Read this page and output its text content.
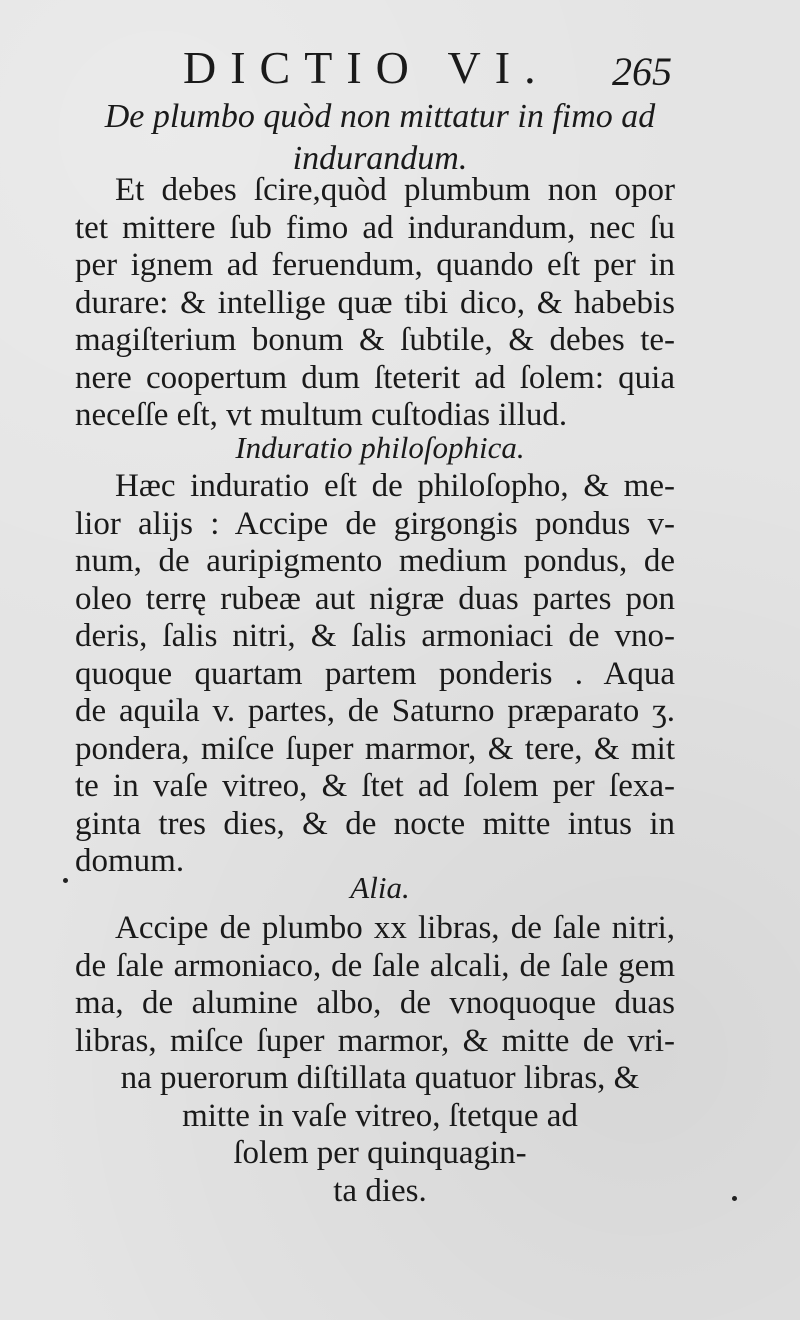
DICTIO VI. 265
De plumbo quòd non mittatur in fimo ad
indurandum.
Et debes ſcire,quòd plumbum non opor
tet mittere ſub fimo ad indurandum, nec ſu
per ignem ad feruendum, quando eſt per in
durare: & intellige quæ tibi dico, & habebis
magiſterium bonum & ſubtile, & debes te-
nere coopertum dum ſteterit ad ſolem: quia
neceſſe eſt, vt multum cuſtodias illud.
Induratio philoſophica.
Hæc induratio eſt de philoſopho, & me-
lior alijs : Accipe de girgongis pondus v-
num, de auripigmento medium pondus, de
oleo terrę rubeæ aut nigræ duas partes pon
deris, ſalis nitri, & ſalis armoniaci de vno-
quoque quartam partem ponderis . Aqua
de aquila v. partes, de Saturno præparato ʒ.
pondera, miſce ſuper marmor, & tere, & mit
te in vaſe vitreo, & ſtet ad ſolem per ſexa-
ginta tres dies, & de nocte mitte intus in
domum.
Alia.
Accipe de plumbo xx libras, de ſale nitri,
de ſale armoniaco, de ſale alcali, de ſale gem
ma, de alumine albo, de vnoquoque duas
libras, miſce ſuper marmor, & mitte de vri-
na puerorum diſtillata quatuor libras, &
mitte in vaſe vitreo, ſtetque ad
ſolem per quinquagin-
ta dies.
